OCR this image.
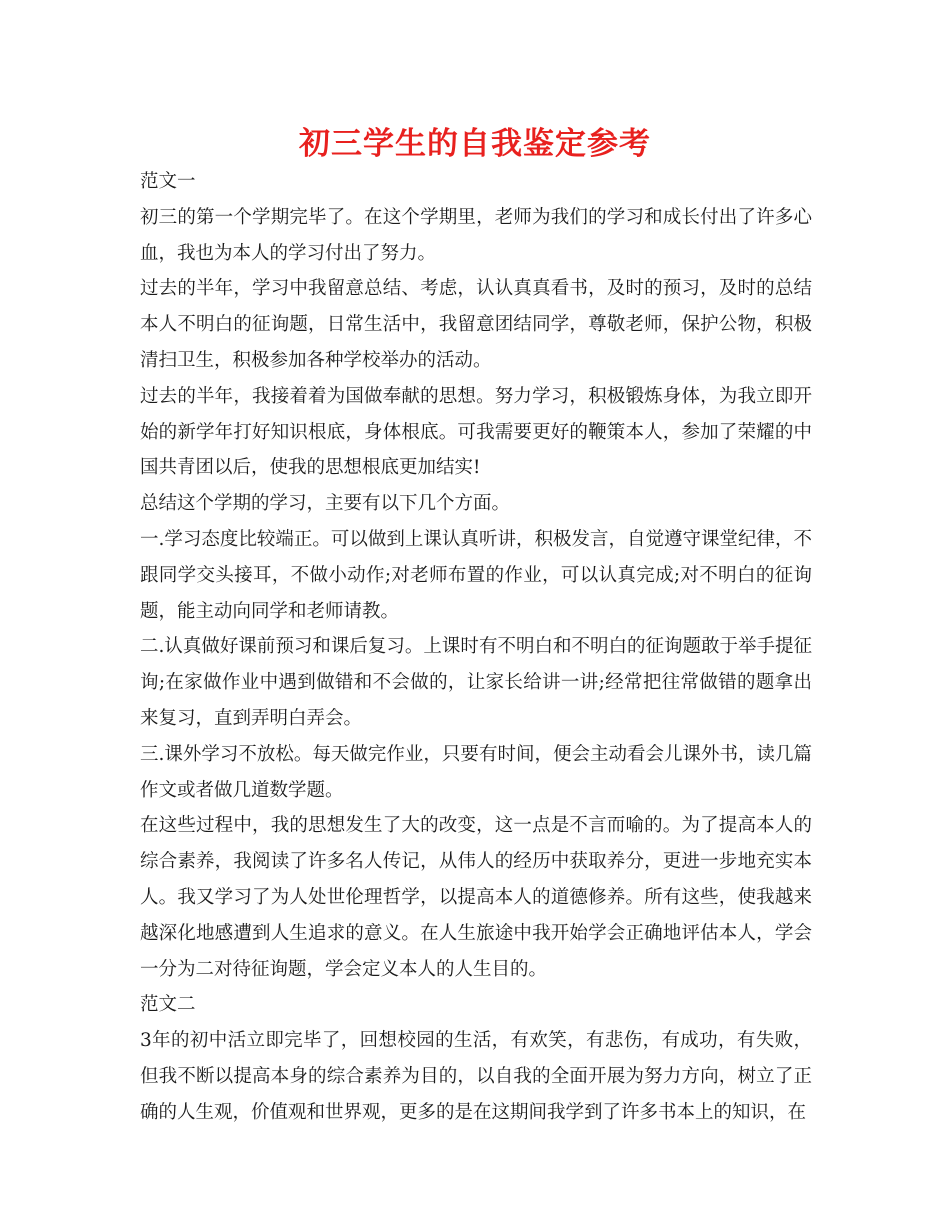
初三学生的自我鉴定参考

范文一

初三的第一个学期完毕了。在这个学期里，老师为我们的学习和成长付出了许多心血，我也为本人的学习付出了努力。

过去的半年，学习中我留意总结、考虑，认认真真看书，及时的预习，及时的总结本人不明白的征询题，日常生活中，我留意团结同学，尊敬老师，保护公物，积极清扫卫生，积极参加各种学校举办的活动。

过去的半年，我接着着为国做奉献的思想。努力学习，积极锻炼身体，为我立即开始的新学年打好知识根底，身体根底。可我需要更好的鞭策本人，参加了荣耀的中国共青团以后，使我的思想根底更加结实!

总结这个学期的学习，主要有以下几个方面。

一.学习态度比较端正。可以做到上课认真听讲，积极发言，自觉遵守课堂纪律，不跟同学交头接耳，不做小动作;对老师布置的作业，可以认真完成;对不明白的征询题，能主动向同学和老师请教。

二.认真做好课前预习和课后复习。上课时有不明白和不明白的征询题敢于举手提征询;在家做作业中遇到做错和不会做的，让家长给讲一讲;经常把往常做错的题拿出来复习，直到弄明白弄会。

三.课外学习不放松。每天做完作业，只要有时间，便会主动看会儿课外书，读几篇作文或者做几道数学题。

在这些过程中，我的思想发生了大的改变，这一点是不言而喻的。为了提高本人的综合素养，我阅读了许多名人传记，从伟人的经历中获取养分，更进一步地充实本人。我又学习了为人处世伦理哲学，以提高本人的道德修养。所有这些，使我越来越深化地感遭到人生追求的意义。在人生旅途中我开始学会正确地评估本人，学会一分为二对待征询题，学会定义本人的人生目的。

范文二

3年的初中活立即完毕了，回想校园的生活，有欢笑，有悲伤，有成功，有失败，但我不断以提高本身的综合素养为目的，以自我的全面开展为努力方向，树立了正确的人生观，价值观和世界观，更多的是在这期间我学到了许多书本上的知识，在
